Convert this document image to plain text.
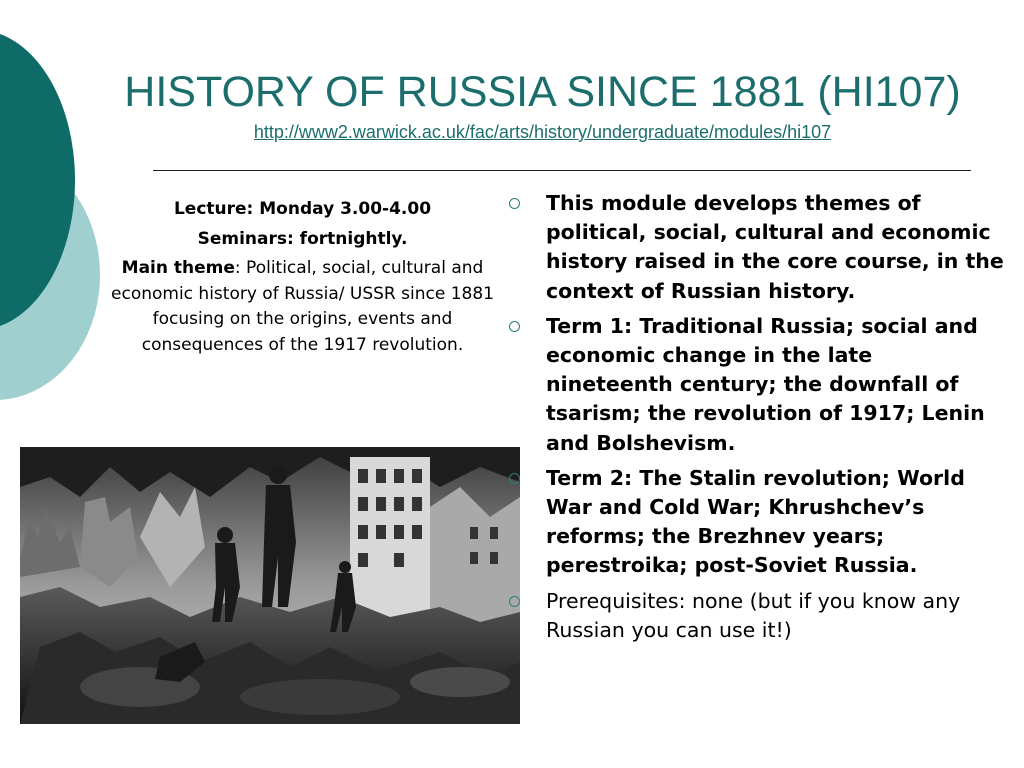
HISTORY OF RUSSIA SINCE 1881 (HI107)
http://www2.warwick.ac.uk/fac/arts/history/undergraduate/modules/hi107

Lecture: Monday 3.00-4.00

Seminars: fortnightly.

Main theme: Political, social, cultural and economic history of Russia/ USSR since 1881 focusing on the origins, events and consequences of the 1917 revolution.

This module develops themes of political, social, cultural and economic history raised in the core course, in the context of Russian history.
Term 1: Traditional Russia; social and economic change in the late nineteenth century; the downfall of tsarism; the revolution of 1917; Lenin and Bolshevism.
Term 2: The Stalin revolution; World War and Cold War; Khrushchev’s reforms; the Brezhnev years; perestroika; post-Soviet Russia.
Prerequisites: none (but if you know any Russian you can use it!)
